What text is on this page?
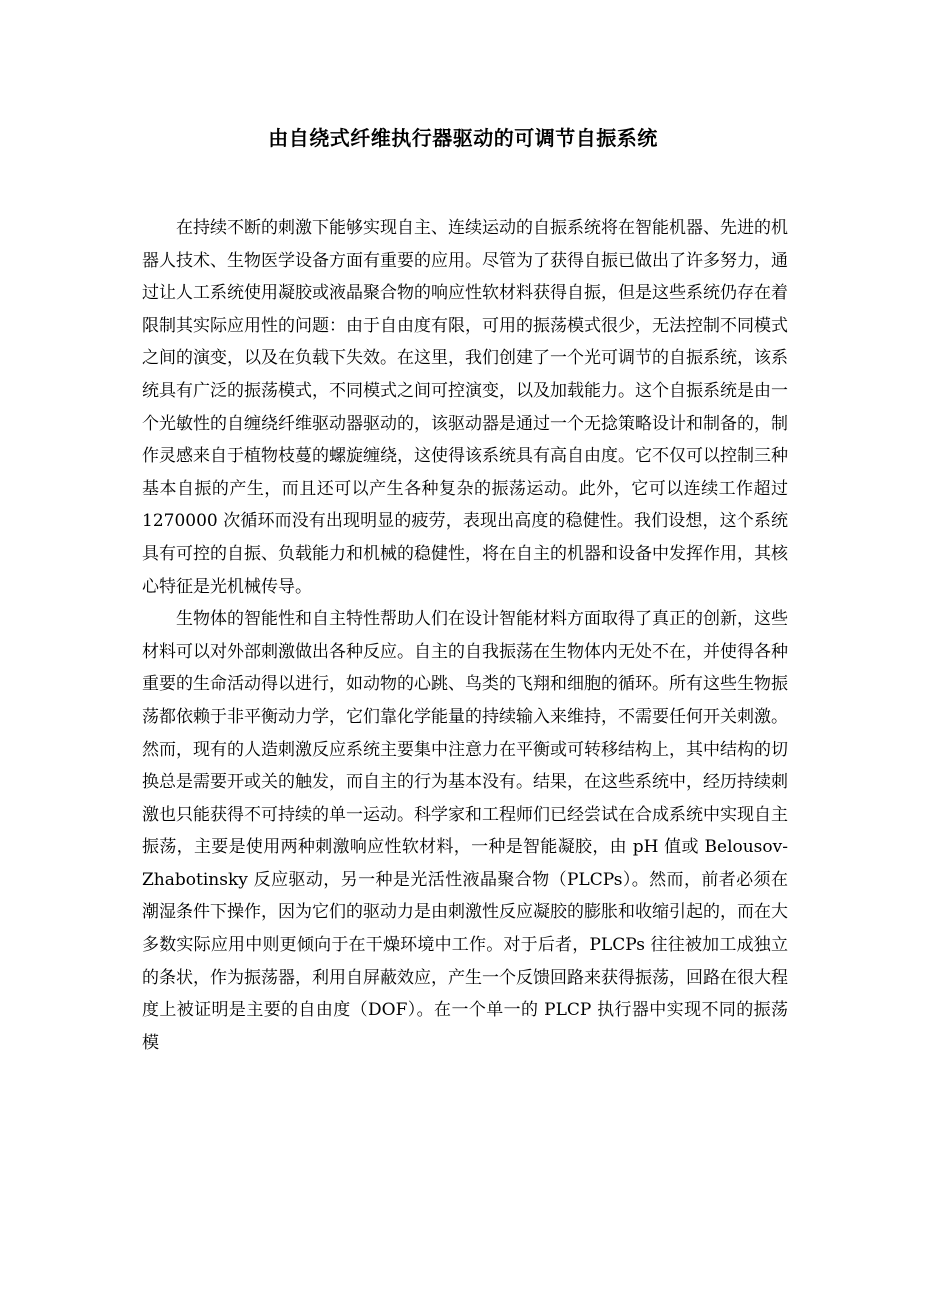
由自绕式纤维执行器驱动的可调节自振系统

在持续不断的刺激下能够实现自主、连续运动的自振系统将在智能机器、先进的机器人技术、生物医学设备方面有重要的应用。尽管为了获得自振已做出了许多努力，通过让人工系统使用凝胶或液晶聚合物的响应性软材料获得自振，但是这些系统仍存在着限制其实际应用性的问题：由于自由度有限，可用的振荡模式很少，无法控制不同模式之间的演变，以及在负载下失效。在这里，我们创建了一个光可调节的自振系统，该系统具有广泛的振荡模式，不同模式之间可控演变，以及加载能力。这个自振系统是由一个光敏性的自缠绕纤维驱动器驱动的，该驱动器是通过一个无捻策略设计和制备的，制作灵感来自于植物枝蔓的螺旋缠绕，这使得该系统具有高自由度。它不仅可以控制三种基本自振的产生，而且还可以产生各种复杂的振荡运动。此外，它可以连续工作超过 1270000 次循环而没有出现明显的疲劳，表现出高度的稳健性。我们设想，这个系统具有可控的自振、负载能力和机械的稳健性，将在自主的机器和设备中发挥作用，其核心特征是光机械传导。

生物体的智能性和自主特性帮助人们在设计智能材料方面取得了真正的创新，这些材料可以对外部刺激做出各种反应。自主的自我振荡在生物体内无处不在，并使得各种重要的生命活动得以进行，如动物的心跳、鸟类的飞翔和细胞的循环。所有这些生物振荡都依赖于非平衡动力学，它们靠化学能量的持续输入来维持，不需要任何开关刺激。然而，现有的人造刺激反应系统主要集中注意力在平衡或可转移结构上，其中结构的切换总是需要开或关的触发，而自主的行为基本没有。结果，在这些系统中，经历持续刺激也只能获得不可持续的单一运动。科学家和工程师们已经尝试在合成系统中实现自主振荡，主要是使用两种刺激响应性软材料，一种是智能凝胶，由 pH 值或 Belousov-Zhabotinsky 反应驱动，另一种是光活性液晶聚合物（PLCPs）。然而，前者必须在潮湿条件下操作，因为它们的驱动力是由刺激性反应凝胶的膨胀和收缩引起的，而在大多数实际应用中则更倾向于在干燥环境中工作。对于后者，PLCPs 往往被加工成独立的条状，作为振荡器，利用自屏蔽效应，产生一个反馈回路来获得振荡，回路在很大程度上被证明是主要的自由度（DOF）。在一个单一的 PLCP 执行器中实现不同的振荡模
